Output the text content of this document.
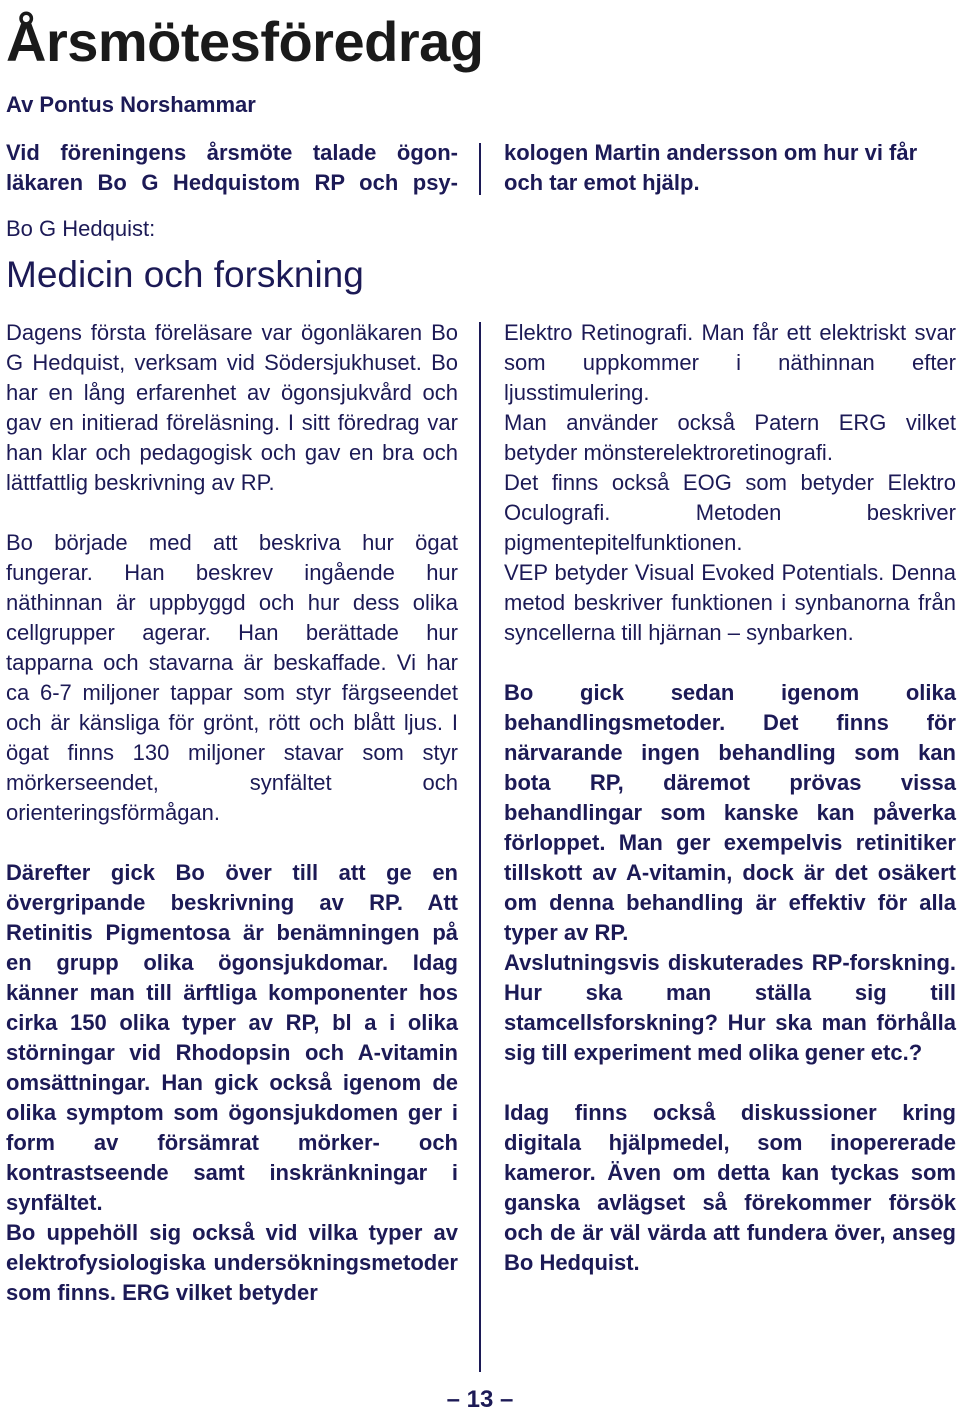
Årsmötesföredrag

Av Pontus Norshammar

Vid föreningens årsmöte talade ögon-läkaren Bo G Hedquistom RP och psy-

kologen Martin andersson om hur vi får och tar emot hjälp.

Bo G Hedquist:

Medicin och forskning

Dagens första föreläsare var ögonläkaren Bo G Hedquist, verksam vid Södersjukhuset. Bo har en lång erfarenhet av ögonsjukvård och gav en initierad föreläsning. I sitt föredrag var han klar och pedagogisk och gav en bra och lättfattlig beskrivning av RP.

Bo började med att beskriva hur ögat fungerar. Han beskrev ingående hur näthinnan är uppbyggd och hur dess olika cellgrupper agerar. Han berättade hur tapparna och stavarna är beskaffade. Vi har ca 6-7 miljoner tappar som styr färgseendet och är känsliga för grönt, rött och blått ljus. I ögat finns 130 miljoner stavar som styr mörkerseendet, synfältet och orienteringsförmågan.

Därefter gick Bo över till att ge en övergripande beskrivning av RP. Att Retinitis Pigmentosa är benämningen på en grupp olika ögonsjukdomar. Idag känner man till ärftliga komponenter hos cirka 150 olika typer av RP, bl a i olika störningar vid Rhodopsin och A-vitamin omsättningar. Han gick också igenom de olika symptom som ögonsjukdomen ger i form av försämrat mörker- och kontrastseende samt inskränkningar i synfältet.

Bo uppehöll sig också vid vilka typer av elektrofysiologiska undersökningsmetoder som finns. ERG vilket betyder

Elektro Retinografi. Man får ett elektriskt svar som uppkommer i näthinnan efter ljusstimulering.

Man använder också Patern ERG vilket betyder mönsterelektroretinografi.

Det finns också EOG som betyder Elektro Oculografi. Metoden beskriver pigmentepitelfunktionen.

VEP betyder Visual Evoked Potentials. Denna metod beskriver funktionen i synbanorna från syncellerna till hjärnan – synbarken.

Bo gick sedan igenom olika behandlingsmetoder. Det finns för närvarande ingen behandling som kan bota RP, däremot prövas vissa behandlingar som kanske kan påverka förloppet. Man ger exempelvis retinitiker tillskott av A-vitamin, dock är det osäkert om denna behandling är effektiv för alla typer av RP.

Avslutningsvis diskuterades RP-forskning. Hur ska man ställa sig till stamcellsforskning? Hur ska man förhålla sig till experiment med olika gener etc.?

Idag finns också diskussioner kring digitala hjälpmedel, som inopererade kameror. Även om detta kan tyckas som ganska avlägset så förekommer försök och de är väl värda att fundera över, anseg Bo Hedquist.

– 13 –
